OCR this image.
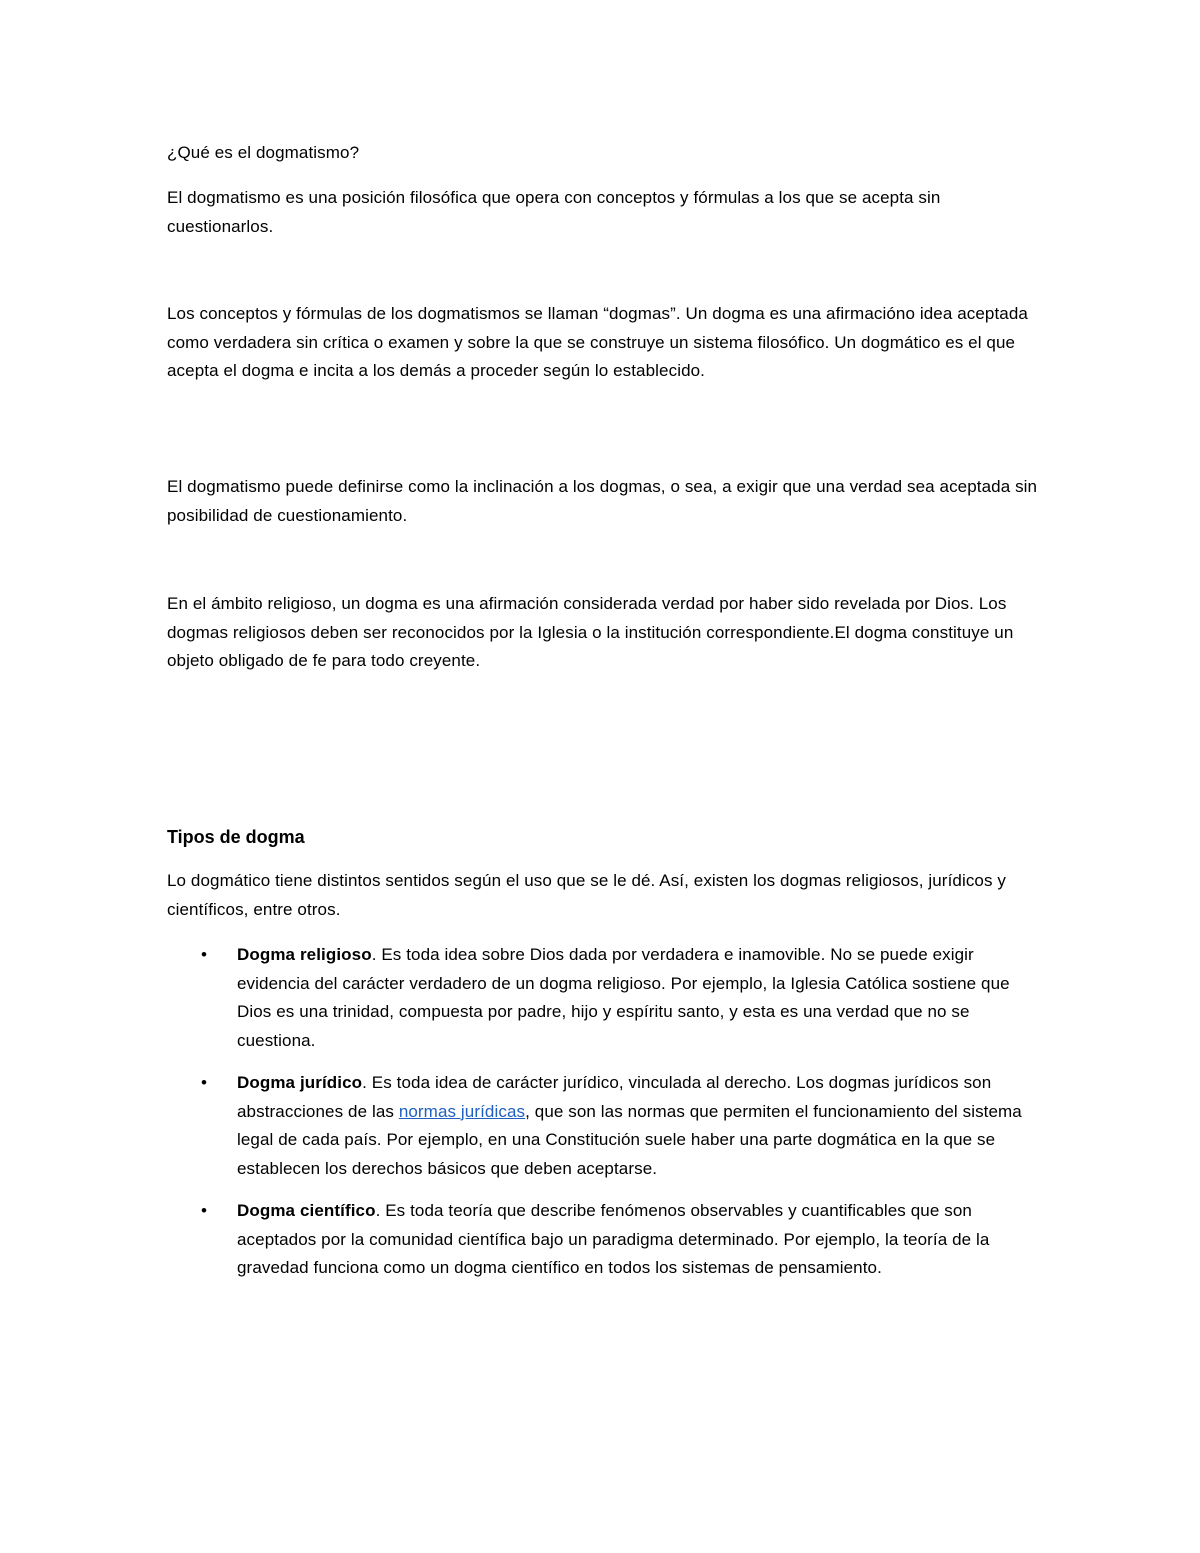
¿Qué es el dogmatismo?
El dogmatismo es una posición filosófica que opera con conceptos y fórmulas a los que se acepta sin cuestionarlos.
Los conceptos y fórmulas de los dogmatismos se llaman “dogmas”. Un dogma es una afirmacióno idea aceptada como verdadera sin crítica o examen y sobre la que se construye un sistema filosófico. Un dogmático es el que acepta el dogma e incita a los demás a proceder según lo establecido.
El dogmatismo puede definirse como la inclinación a los dogmas, o sea, a exigir que una verdad sea aceptada sin posibilidad de cuestionamiento.
En el ámbito religioso, un dogma es una afirmación considerada verdad por haber sido revelada por Dios. Los dogmas religiosos deben ser reconocidos por la Iglesia o la institución correspondiente.El dogma constituye un objeto obligado de fe para todo creyente.
Tipos de dogma
Lo dogmático tiene distintos sentidos según el uso que se le dé. Así, existen los dogmas religiosos, jurídicos y científicos, entre otros.
• Dogma religioso. Es toda idea sobre Dios dada por verdadera e inamovible. No se puede exigir evidencia del carácter verdadero de un dogma religioso. Por ejemplo, la Iglesia Católica sostiene que Dios es una trinidad, compuesta por padre, hijo y espíritu santo, y esta es una verdad que no se cuestiona.
• Dogma jurídico. Es toda idea de carácter jurídico, vinculada al derecho. Los dogmas jurídicos son abstracciones de las normas jurídicas, que son las normas que permiten el funcionamiento del sistema legal de cada país. Por ejemplo, en una Constitución suele haber una parte dogmática en la que se establecen los derechos básicos que deben aceptarse.
• Dogma científico. Es toda teoría que describe fenómenos observables y cuantificables que son aceptados por la comunidad científica bajo un paradigma determinado. Por ejemplo, la teoría de la gravedad funciona como un dogma científico en todos los sistemas de pensamiento.
